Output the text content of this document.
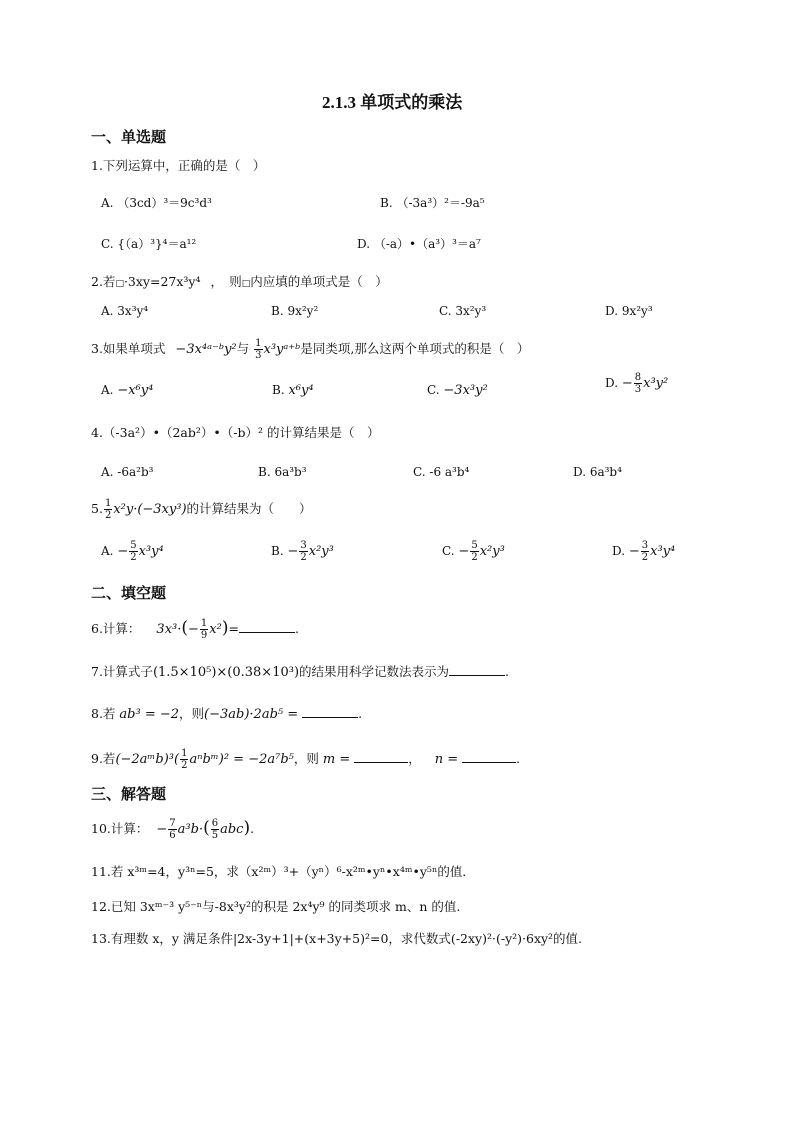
2.1.3 单项式的乘法
一、单选题
1.下列运算中，正确的是（　）
A. （3cd）³＝9c³d³	B. （-3a³）²＝-9a⁵
C. {（a）³}⁴＝a¹²	D. （-a）•（a³）³＝a⁷
2.若□·3xy=27x³y⁴ ，　则□内应填的单项式是（　）
A. 3x³y⁴	B. 9x²y²	C. 3x²y³	D. 9x²y³
3.如果单项式 −3x⁴ᵃ⁻ᵇy²与 $\frac{1}{3}$ x³yᵃ⁺ᵇ是同类项,那么这两个单项式的积是（　）
A. −x⁶y⁴	B. x⁶y⁴	C. −3x³y²	D. − $\frac{8}{3} x^3y^2$
4.（-3a²）•（2ab²）•（-b）² 的计算结果是（　）
A. -6a²b³	B. 6a³b³	C. -6 a³b⁴	D. 6a³b⁴
5. $\frac{1}{2} x^2y\cdot(-3xy^3)$的计算结果为（　　）
A. − $\frac{5}{2} x^3y^4$	B. − $\frac{3}{2} x^2y^3$	C. − $\frac{5}{2} x^2y^3$	D. − $\frac{3}{2} x^3y^4$
二、填空题
6.计算： $3x^3\cdot(- \frac{1}{9} x^2)=$	.
7.计算式子(1.5×10⁵)×(0.38×10³)的结果用科学记数法表示为	.
8.若 ab³ = −2，则(−3ab)·2ab⁵ =	.
9.若(−2aᵐb)³( $\frac{1}{2}$ aⁿbᵐ)² = −2a⁷b⁵，则 m =	， n =	.
三、解答题
10.计算： − $\frac{7}{6} a^3b\cdot( \frac{6}{5} abc)$.
11.若 x³ᵐ=4，y³ⁿ=5，求（x²ᵐ）³+（yⁿ）⁶-x²ᵐ•yⁿ•x⁴ᵐ•y⁵ⁿ的值．
12.已知 3xᵐ⁻³ y⁵⁻ⁿ与-8x³y²的积是 2x⁴y⁹ 的同类项求 m、n 的值.
13.有理数 x，y 满足条件|2x-3y+1|+(x+3y+5)²=0，求代数式(-2xy)²·(-y²)·6xy²的值.
